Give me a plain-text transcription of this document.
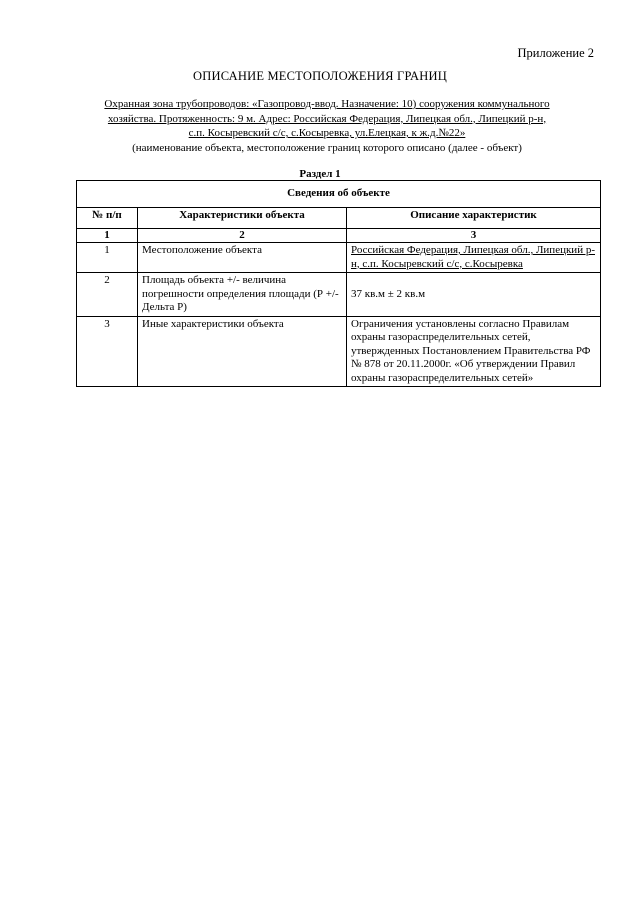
Приложение 2
ОПИСАНИЕ МЕСТОПОЛОЖЕНИЯ ГРАНИЦ
Охранная зона трубопроводов: «Газопровод-ввод. Назначение: 10) сооружения коммунального
хозяйства. Протяженность: 9 м. Адрес: Российская Федерация, Липецкая обл., Липецкий р-н,
с.п. Косыревский с/с, с.Косыревка, ул.Елецкая, к ж.д.№22»
(наименование объекта, местоположение границ которого описано (далее - объект)
Раздел 1
Сведения об объекте		
№ п/п	Характеристики объекта	Описание характеристик
1	2	3
1	Местоположение объекта	Российская Федерация, Липецкая обл., Липецкий р-н, с.п. Косыревский с/с, с.Косыревка
2	Площадь объекта +/- величина погрешности определения площади (Р +/- Дельта Р)	37 кв.м ± 2 кв.м
3	Иные характеристики объекта	Ограничения установлены согласно Правилам охраны газораспределительных сетей, утвержденных Постановлением Правительства РФ № 878 от 20.11.2000г. «Об утверждении Правил охраны газораспределительных сетей»
